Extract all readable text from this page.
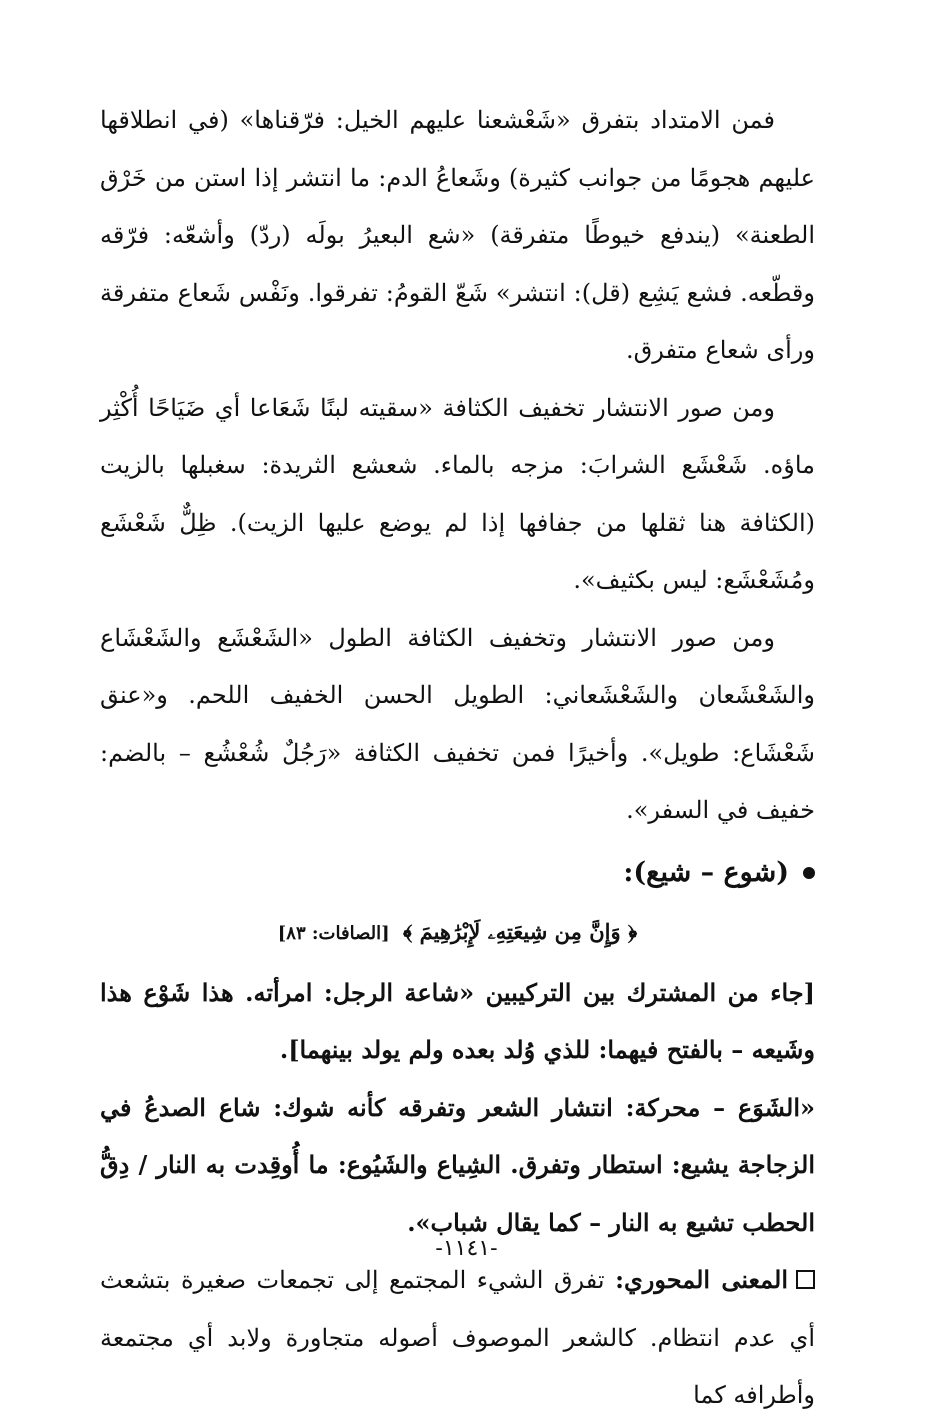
فمن الامتداد بتفرق «شَعْشعنا عليهم الخيل: فرّقناها» (في انطلاقها عليهم هجومًا من جوانب كثيرة) وشَعاعُ الدم: ما انتشر إذا استن من خَرْق الطعنة» (يندفع خيوطًا متفرقة) «شع البعيرُ بولَه (ردّ) وأشعّه: فرّقه وقطّعه. فشع يَشِع (قل): انتشر» شَعّ القومُ: تفرقوا. ونَفْس شَعاع متفرقة ورأى شعاع متفرق.

ومن صور الانتشار تخفيف الكثافة «سقيته لبنًا شَعَاعا أي ضَيَاحًا أُكْثِر ماؤه. شَعْشَع الشرابَ: مزجه بالماء. شعشع الثريدة: سغبلها بالزيت (الكثافة هنا ثقلها من جفافها إذا لم يوضع عليها الزيت). ظِلٌّ شَعْشَع ومُشَعْشَع: ليس بكثيف».

ومن صور الانتشار وتخفيف الكثافة الطول «الشَعْشَع والشَعْشَاع والشَعْشَعان والشَعْشَعاني: الطويل الحسن الخفيف اللحم. و«عنق شَعْشَاع: طويل». وأخيرًا فمن تخفيف الكثافة «رَجُلٌ شُعْشُع – بالضم: خفيف في السفر».

(شوع – شيع):
﴿ وَإِنَّ مِن شِيعَتِهِۦ لَإِبْرَٰهِيمَ ﴾ [الصافات: ٨٣]

[جاء من المشترك بين التركيبين «شاعة الرجل: امرأته. هذا شَوْع هذا وشَيعه – بالفتح فيهما: للذي وُلد بعده ولم يولد بينهما].

«الشَوَع – محركة: انتشار الشعر وتفرقه كأنه شوك: شاع الصدعُ في الزجاجة يشيع: استطار وتفرق. الشِياع والشَيُوع: ما أُوقِدت به النار / دِقُّ الحطب تشيع به النار – كما يقال شباب».

المعنى المحوري: تفرق الشيء المجتمع إلى تجمعات صغيرة بتشعث أي عدم انتظام. كالشعر الموصوف أصوله متجاورة ولابد أي مجتمعة وأطرافه كما

-١١٤١-
